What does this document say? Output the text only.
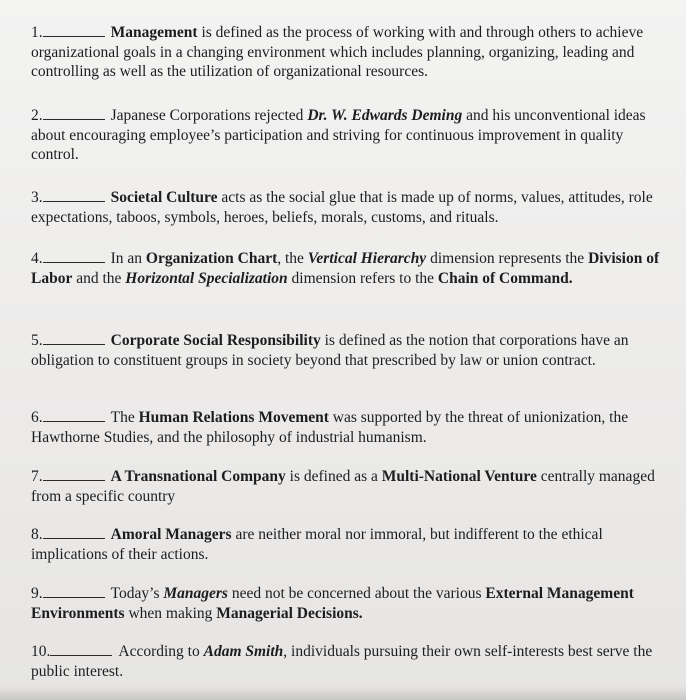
1.	Management is defined as the process of working with and through others to achieve organizational goals in a changing environment which includes planning, organizing, leading and controlling as well as the utilization of organizational resources.
2.	Japanese Corporations rejected Dr. W. Edwards Deming and his unconventional ideas about encouraging employee’s participation and striving for continuous improvement in quality control.
3.	Societal Culture acts as the social glue that is made up of norms, values, attitudes, role expectations, taboos, symbols, heroes, beliefs, morals, customs, and rituals.
4.	In an Organization Chart, the Vertical Hierarchy dimension represents the Division of Labor and the Horizontal Specialization dimension refers to the Chain of Command.
5.	Corporate Social Responsibility is defined as the notion that corporations have an obligation to constituent groups in society beyond that prescribed by law or union contract.
6.	The Human Relations Movement was supported by the threat of unionization, the Hawthorne Studies, and the philosophy of industrial humanism.
7.	A Transnational Company is defined as a Multi-National Venture centrally managed from a specific country
8.	Amoral Managers are neither moral nor immoral, but indifferent to the ethical implications of their actions.
9.	Today’s Managers need not be concerned about the various External Management Environments when making Managerial Decisions.
10.	According to Adam Smith, individuals pursuing their own self-interests best serve the public interest.
